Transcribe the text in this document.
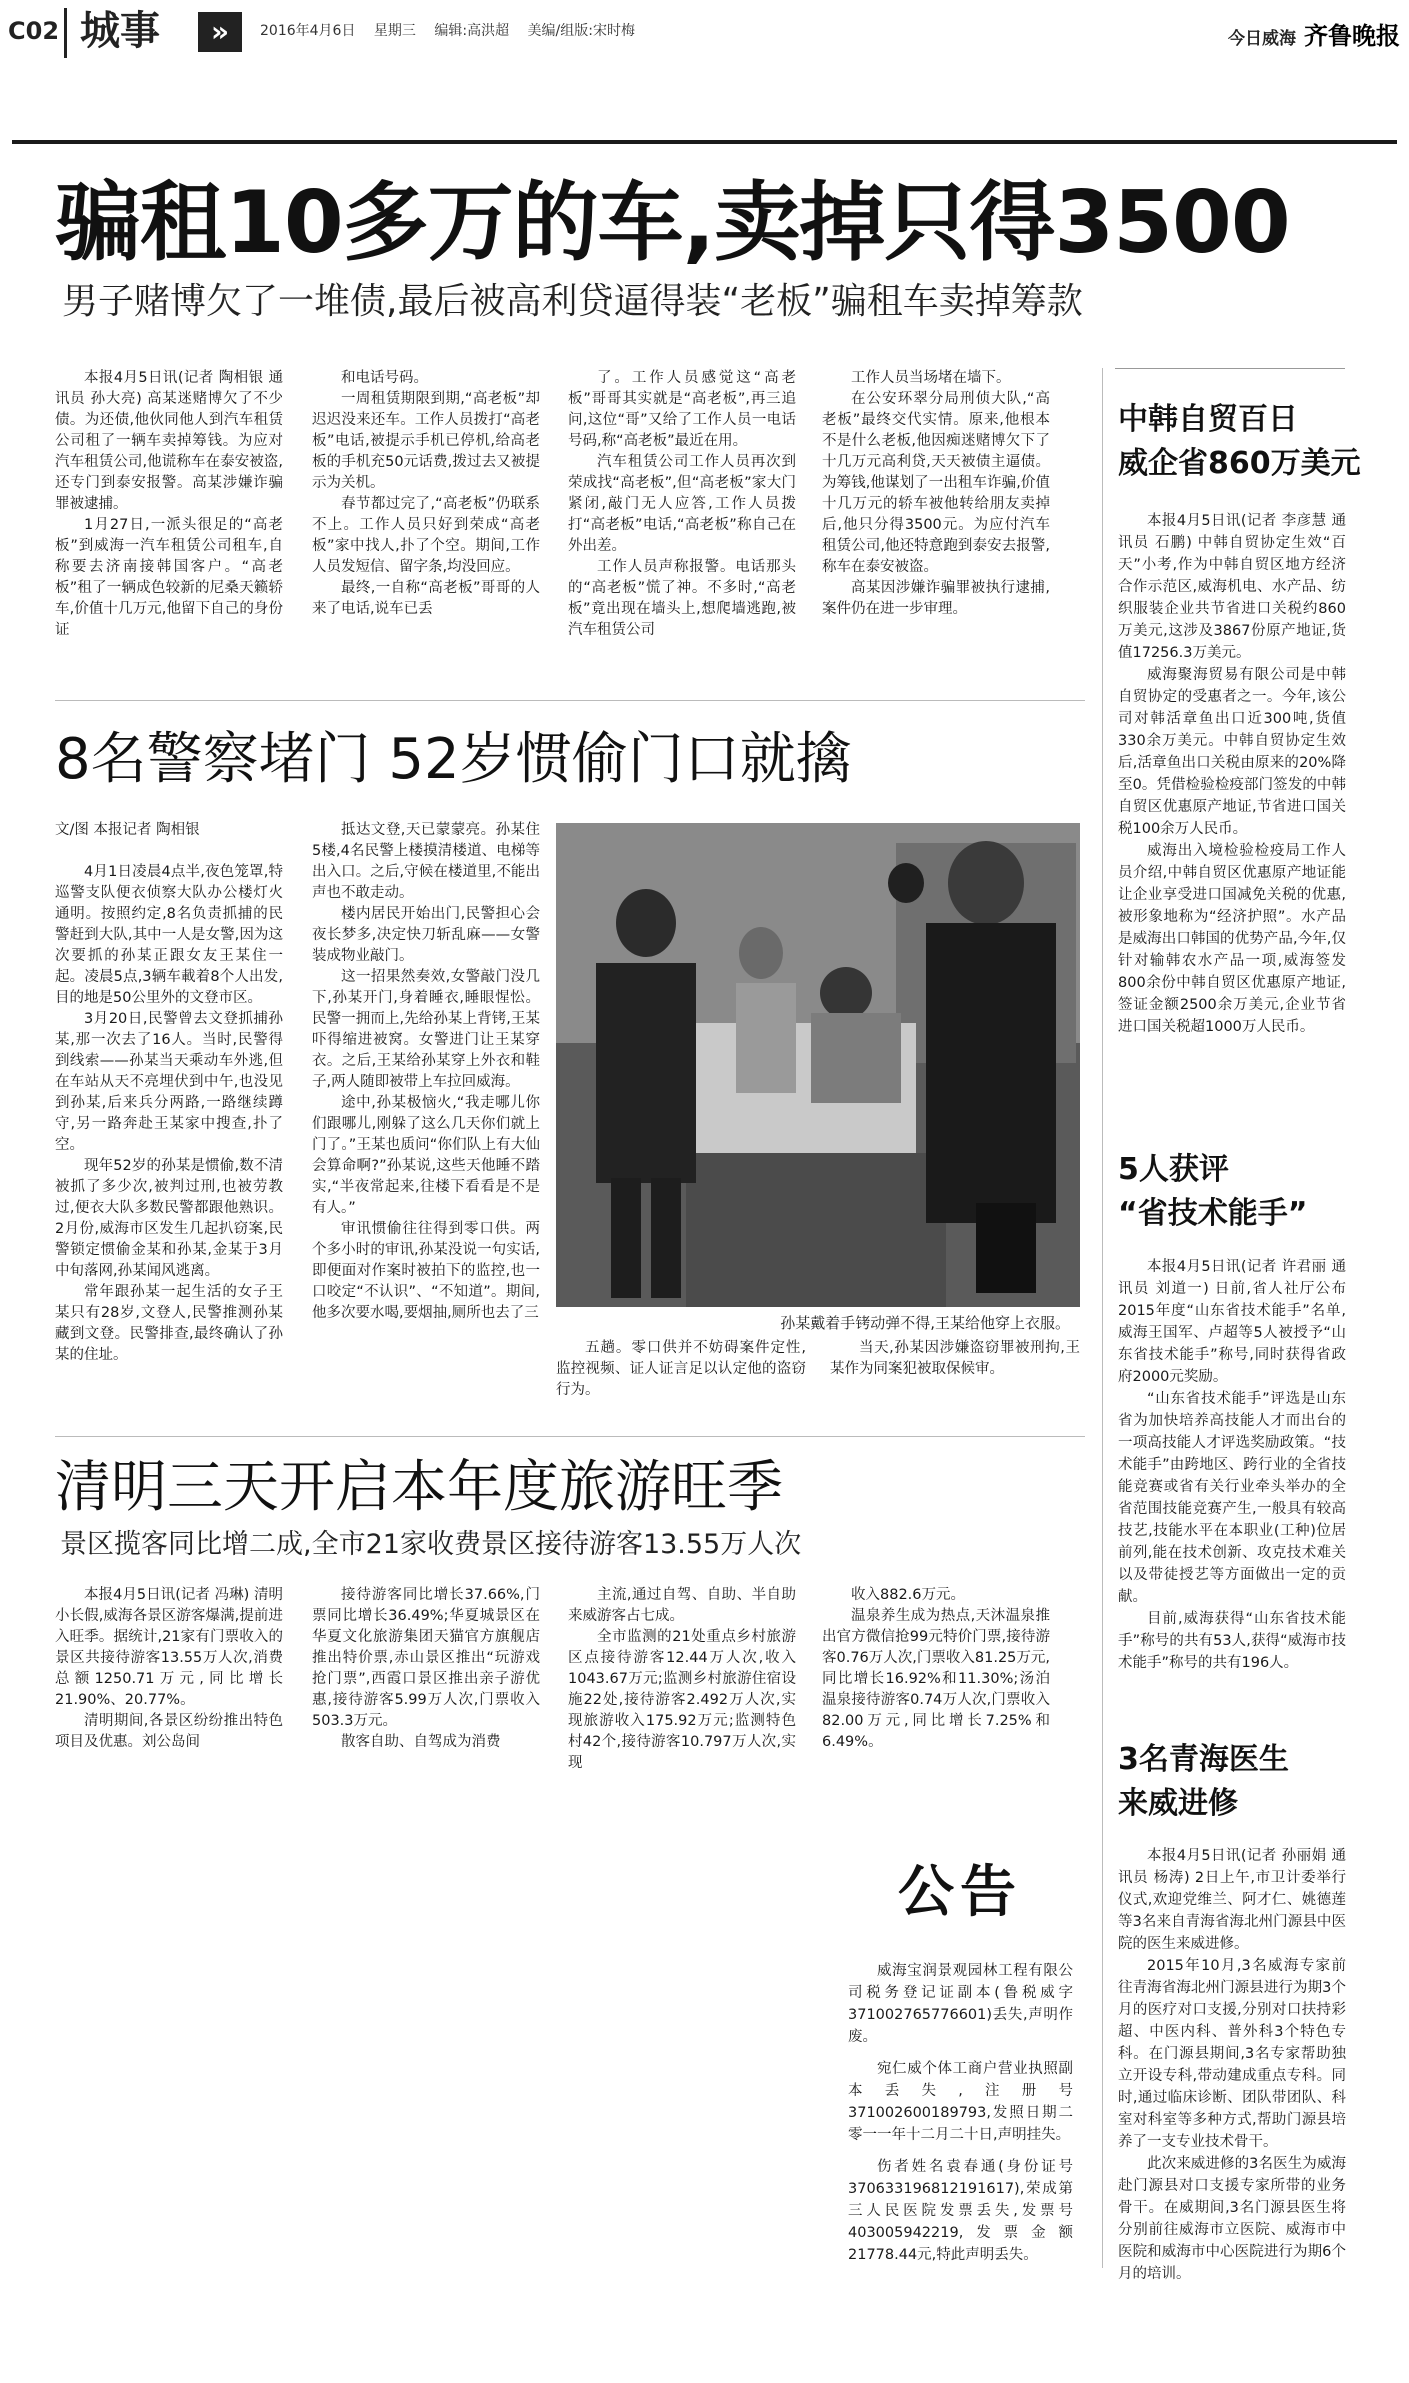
C02 城事	»	2016年4月6日 星期三 编辑:高洪超 美编/组版:宋时梅	今日威海 齐鲁晚报
骗租10多万的车,卖掉只得3500
男子赌博欠了一堆债,最后被高利贷逼得装“老板”骗租车卖掉筹款

本报4月5日讯(记者 陶相银 通讯员 孙大亮) 高某迷赌博欠了不少债。为还债,他伙同他人到汽车租赁公司租了一辆车卖掉筹钱。为应对汽车租赁公司,他谎称车在泰安被盗,还专门到泰安报警。高某涉嫌诈骗罪被逮捕。

1月27日,一派头很足的“高老板”到威海一汽车租赁公司租车,自称要去济南接韩国客户。“高老板”租了一辆成色较新的尼桑天籁轿车,价值十几万元,他留下自己的身份证

和电话号码。

一周租赁期限到期,“高老板”却迟迟没来还车。工作人员拨打“高老板”电话,被提示手机已停机,给高老板的手机充50元话费,拨过去又被提示为关机。

春节都过完了,“高老板”仍联系不上。工作人员只好到荣成“高老板”家中找人,扑了个空。期间,工作人员发短信、留字条,均没回应。

最终,一自称“高老板”哥哥的人来了电话,说车已丢

了。工作人员感觉这“高老板”哥哥其实就是“高老板”,再三追问,这位“哥”又给了工作人员一电话号码,称“高老板”最近在用。

汽车租赁公司工作人员再次到荣成找“高老板”,但“高老板”家大门紧闭,敲门无人应答,工作人员拨打“高老板”电话,“高老板”称自己在外出差。

工作人员声称报警。电话那头的“高老板”慌了神。不多时,“高老板”竟出现在墙头上,想爬墙逃跑,被汽车租赁公司

工作人员当场堵在墙下。

在公安环翠分局刑侦大队,“高老板”最终交代实情。原来,他根本不是什么老板,他因痴迷赌博欠下了十几万元高利贷,天天被债主逼债。为筹钱,他谋划了一出租车诈骗,价值十几万元的轿车被他转给朋友卖掉后,他只分得3500元。为应付汽车租赁公司,他还特意跑到泰安去报警,称车在泰安被盗。

高某因涉嫌诈骗罪被执行逮捕,案件仍在进一步审理。

8名警察堵门 52岁惯偷门口就擒
文/图 本报记者 陶相银

4月1日凌晨4点半,夜色笼罩,特巡警支队便衣侦察大队办公楼灯火通明。按照约定,8名负责抓捕的民警赶到大队,其中一人是女警,因为这次要抓的孙某正跟女友王某住一起。凌晨5点,3辆车載着8个人出发,目的地是50公里外的文登市区。

3月20日,民警曾去文登抓捕孙某,那一次去了16人。当时,民警得到线索——孙某当天乘动车外逃,但在车站从天不亮埋伏到中午,也没见到孙某,后来兵分两路,一路继续蹲守,另一路奔赴王某家中搜查,扑了空。

现年52岁的孙某是惯偷,数不清被抓了多少次,被判过刑,也被劳教过,便衣大队多数民警都跟他熟识。2月份,威海市区发生几起扒窃案,民警锁定惯偷金某和孙某,金某于3月中旬落网,孙某闻风逃离。

常年跟孙某一起生活的女子王某只有28岁,文登人,民警推测孙某藏到文登。民警排查,最终确认了孙某的住址。

抵达文登,天已蒙蒙亮。孙某住5楼,4名民警上楼摸清楼道、电梯等出入口。之后,守候在楼道里,不能出声也不敢走动。

楼内居民开始出门,民警担心会夜长梦多,决定快刀斩乱麻——女警装成物业敲门。

这一招果然奏效,女警敲门没几下,孙某开门,身着睡衣,睡眼惺忪。民警一拥而上,先给孙某上背铐,王某吓得缩进被窝。女警进门让王某穿衣。之后,王某给孙某穿上外衣和鞋子,两人随即被带上车拉回威海。

途中,孙某极恼火,“我走哪儿你们跟哪儿,刚躲了这么几天你们就上门了。”王某也质问“你们队上有大仙会算命啊?”孙某说,这些天他睡不踏实,“半夜常起来,往楼下看看是不是有人。”

审讯惯偷往往得到零口供。两个多小时的审讯,孙某没说一句实话,即便面对作案时被拍下的监控,也一口咬定“不认识”、“不知道”。期间,他多次要水喝,要烟抽,厕所也去了三

孙某戴着手铐动弹不得,王某给他穿上衣服。

五趟。零口供并不妨碍案件定性,监控视频、证人证言足以认定他的盗窃行为。

当天,孙某因涉嫌盗窃罪被刑拘,王某作为同案犯被取保候审。

清明三天开启本年度旅游旺季
景区揽客同比增二成,全市21家收费景区接待游客13.55万人次

本报4月5日讯(记者 冯琳) 清明小长假,威海各景区游客爆满,提前进入旺季。据统计,21家有门票收入的景区共接待游客13.55万人次,消费总额1250.71万元,同比增长21.90%、20.77%。

清明期间,各景区纷纷推出特色项目及优惠。刘公岛间

接待游客同比增长37.66%,门票同比增长36.49%;华夏城景区在华夏文化旅游集团天猫官方旗舰店推出特价票,赤山景区推出“玩游戏抢门票”,西霞口景区推出亲子游优惠,接待游客5.99万人次,门票收入503.3万元。

散客自助、自驾成为消费

主流,通过自驾、自助、半自助来威游客占七成。

全市监测的21处重点乡村旅游区点接待游客12.44万人次,收入1043.67万元;监测乡村旅游住宿设施22处,接待游客2.492万人次,实现旅游收入175.92万元;监测特色村42个,接待游客10.797万人次,实现

收入882.6万元。

温泉养生成为热点,天沐温泉推出官方微信抢99元特价门票,接待游客0.76万人次,门票收入81.25万元,同比增长16.92%和11.30%;汤泊温泉接待游客0.74万人次,门票收入82.00万元,同比增长7.25%和6.49%。

公告

威海宝润景观园林工程有限公司税务登记证副本(鲁税威字371002765776601)丢失,声明作废。

宛仁威个体工商户营业执照副本丢失,注册号371002600189793,发照日期二零一一年十二月二十日,声明挂失。

伤者姓名袁春通(身份证号370633196812191617),荣成第三人民医院发票丢失,发票号403005942219,发票金额21778.44元,特此声明丢失。

中韩自贸百日
威企省860万美元

本报4月5日讯(记者 李彦慧 通讯员 石鹏) 中韩自贸协定生效“百天”小考,作为中韩自贸区地方经济合作示范区,威海机电、水产品、纺织服装企业共节省进口关税约860万美元,这涉及3867份原产地证,货值17256.3万美元。

威海聚海贸易有限公司是中韩自贸协定的受惠者之一。今年,该公司对韩活章鱼出口近300吨,货值330余万美元。中韩自贸协定生效后,活章鱼出口关税由原来的20%降至0。凭借检验检疫部门签发的中韩自贸区优惠原产地证,节省进口国关税100余万人民币。

威海出入境检验检疫局工作人员介绍,中韩自贸区优惠原产地证能让企业享受进口国减免关税的优惠,被形象地称为“经济护照”。水产品是威海出口韩国的优势产品,今年,仅针对输韩农水产品一项,威海签发800余份中韩自贸区优惠原产地证,签证金额2500余万美元,企业节省进口国关税超1000万人民币。

5人获评
“省技术能手”

本报4月5日讯(记者 许君丽 通讯员 刘道一) 日前,省人社厅公布2015年度“山东省技术能手”名单,威海王国军、卢超等5人被授予“山东省技术能手”称号,同时获得省政府2000元奖励。

“山东省技术能手”评选是山东省为加快培养高技能人才而出台的一项高技能人才评选奖励政策。“技术能手”由跨地区、跨行业的全省技能竞赛或省有关行业牵头举办的全省范围技能竞赛产生,一般具有较高技艺,技能水平在本职业(工种)位居前列,能在技术创新、攻克技术难关以及带徒授艺等方面做出一定的贡献。

目前,威海获得“山东省技术能手”称号的共有53人,获得“威海市技术能手”称号的共有196人。

3名青海医生
来威进修

本报4月5日讯(记者 孙丽娟 通讯员 杨涛) 2日上午,市卫计委举行仪式,欢迎党维兰、阿才仁、姚德莲等3名来自青海省海北州门源县中医院的医生来威进修。

2015年10月,3名威海专家前往青海省海北州门源县进行为期3个月的医疗对口支援,分别对口扶持彩超、中医内科、普外科3个特色专科。在门源县期间,3名专家帮助独立开设专科,带动建成重点专科。同时,通过临床诊断、团队带团队、科室对科室等多种方式,帮助门源县培养了一支专业技术骨干。

此次来威进修的3名医生为威海赴门源县对口支援专家所带的业务骨干。在威期间,3名门源县医生将分别前往威海市立医院、威海市中医院和威海市中心医院进行为期6个月的培训。
